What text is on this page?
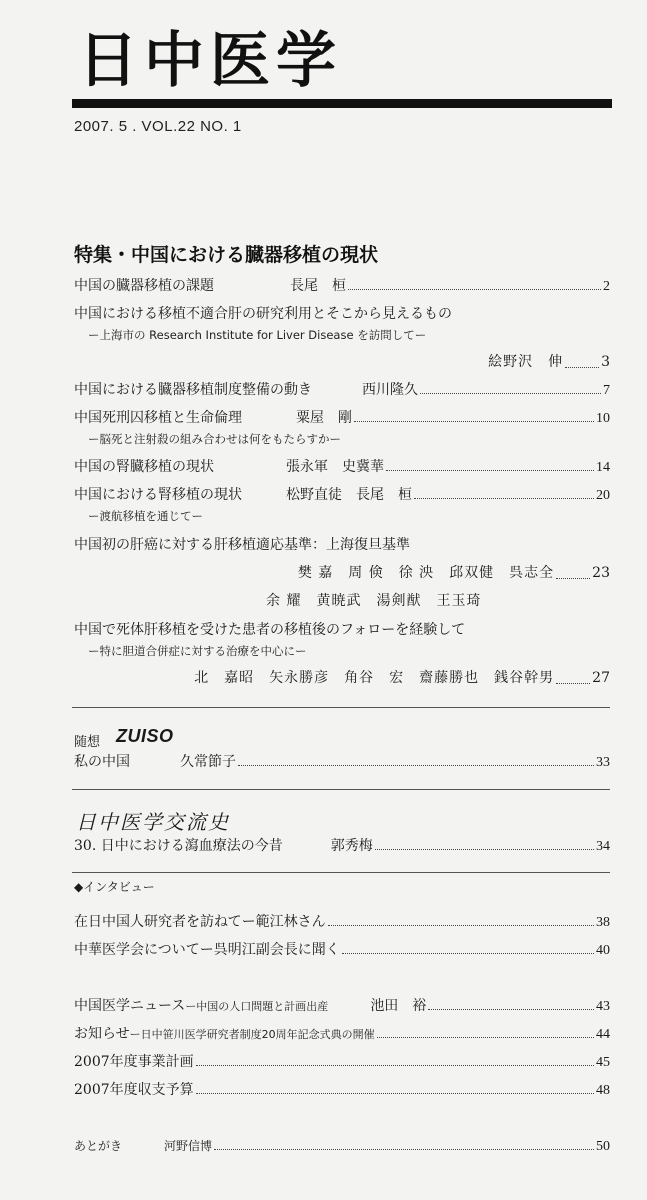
日中医学
2007. 5 . VOL.22 NO. 1
特集・中国における臓器移植の現状
中国の臓器移植の課題	長尾　桓	2
中国における移植不適合肝の研究利用とそこから見えるもの
ー上海市の Research Institute for Liver Disease を訪問してー
絵野沢　伸	3
中国における臓器移植制度整備の動き	西川隆久	7
中国死刑囚移植と生命倫理	粟屋　剛	10
ー脳死と注射殺の組み合わせは何をもたらすかー
中国の腎臓移植の現状	張永軍　史冀華	14
中国における腎移植の現状	松野直徒　長尾　桓	20
ー渡航移植を通じてー
中国初の肝癌に対する肝移植適応基準：上海復旦基準
樊 嘉　周 倹　徐 泱　邱双健　呉志全	23
余 耀　黄暁武　湯剣猷　王玉琦
中国で死体肝移植を受けた患者の移植後のフォローを経験して
ー特に胆道合併症に対する治療を中心にー
北　嘉昭　矢永勝彦　角谷　宏　齋藤勝也　銭谷幹男	27
随想 ZUISO
私の中国	久常節子	33
日中医学交流史
30. 日中における瀉血療法の今昔	郭秀梅	34
◆インタビュー
在日中国人研究者を訪ねてー範江林さん	38
中華医学会についてー呉明江副会長に聞く	40
中国医学ニュース ー中国の人口問題と計画出産	池田　裕	43
お知らせ ー日中笹川医学研究者制度20周年記念式典の開催	44
2007年度事業計画	45
2007年度収支予算	48
あとがき	河野信博	50
